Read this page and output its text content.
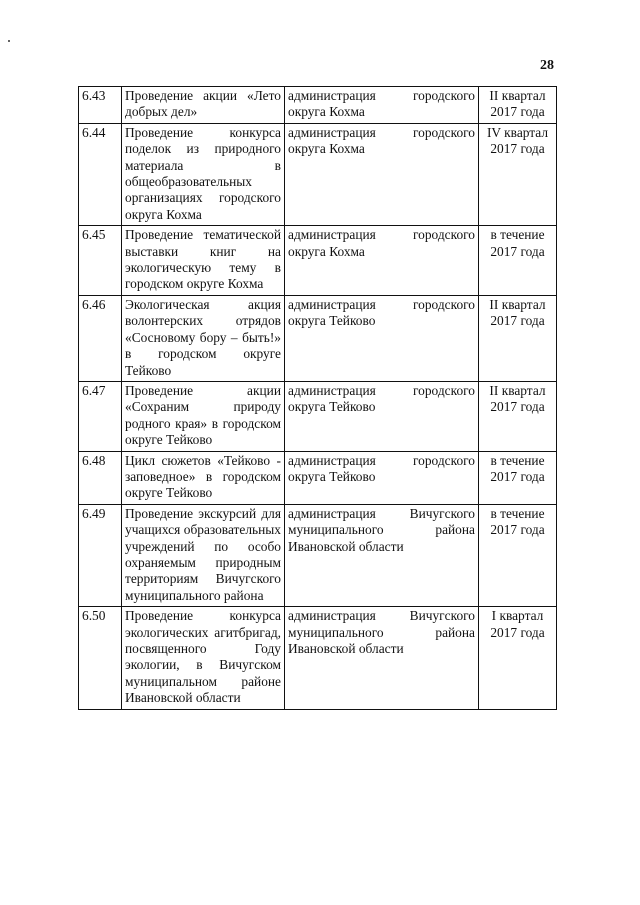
28
6.43	Проведение акции «Лето добрых дел»	администрация городского округа Кохма	II квартал 2017 года
6.44	Проведение конкурса поделок из природного материала в общеобразовательных организациях городского округа Кохма	администрация городского округа Кохма	IV квартал 2017 года
6.45	Проведение тематической выставки книг на экологическую тему в городском округе Кохма	администрация городского округа Кохма	в течение 2017 года
6.46	Экологическая акция волонтерских отрядов «Сосновому бору – быть!» в городском округе Тейково	администрация городского округа Тейково	II квартал 2017 года
6.47	Проведение акции «Сохраним природу родного края» в городском округе Тейково	администрация городского округа Тейково	II квартал 2017 года
6.48	Цикл сюжетов «Тейково - заповедное» в городском округе Тейково	администрация городского округа Тейково	в течение 2017 года
6.49	Проведение экскурсий для учащихся образовательных учреждений по особо охраняемым природным территориям Вичугского муниципального района	администрация Вичугского муниципального района Ивановской области	в течение 2017 года
6.50	Проведение конкурса экологических агитбригад, посвященного Году экологии, в Вичугском муниципальном районе Ивановской области	администрация Вичугского муниципального района Ивановской области	I квартал 2017 года
